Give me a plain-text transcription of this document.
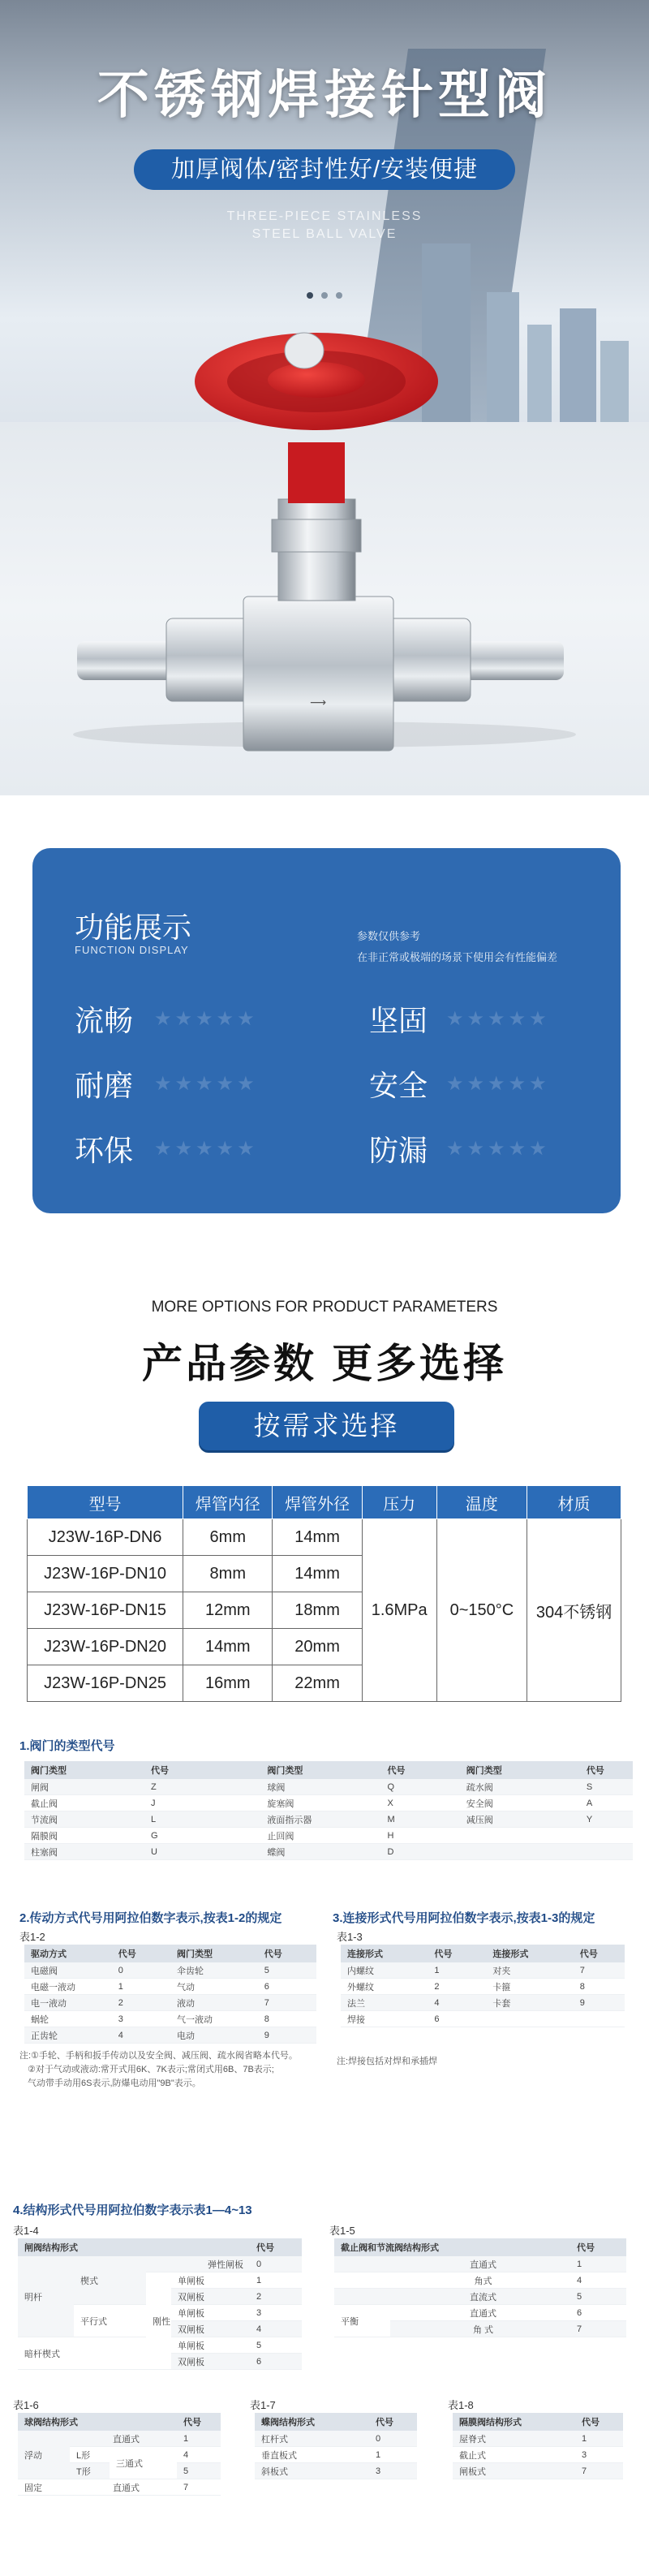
不锈钢焊接针型阀
加厚阀体/密封性好/安装便捷
THREE-PIECE STAINLESS
STEEL BALL VALVE
⟶
功能展示
FUNCTION DISPLAY
参数仅供参考
在非正常或极端的场景下使用会有性能偏差
流畅 ★★★★★	坚固 ★★★★★
耐磨 ★★★★★	安全 ★★★★★
环保 ★★★★★	防漏 ★★★★★
MORE OPTIONS FOR PRODUCT PARAMETERS
产品参数 更多选择
按需求选择
型号	焊管内径	焊管外径	压力	温度	材质
J23W-16P-DN6	6mm	14mm	1.6MPa	0~150°C	304不锈钢
J23W-16P-DN10	8mm	14mm			
J23W-16P-DN15	12mm	18mm			
J23W-16P-DN20	14mm	20mm			
J23W-16P-DN25	16mm	22mm			
1.阀门的类型代号
阀门类型	代号	阀门类型	代号	阀门类型	代号
闸阀	Z	球阀	Q	疏水阀	S
截止阀	J	旋塞阀	X	安全阀	A
节流阀	L	液面指示器	M	减压阀	Y
隔膜阀	G	止回阀	H		
柱塞阀	U	蝶阀	D		
2.传动方式代号用阿拉伯数字表示,按表1-2的规定
表1-2
驱动方式	代号	阀门类型	代号
电磁阀	0	伞齿轮	5
电磁一液动	1	气动	6
电一液动	2	液动	7
蜗轮	3	气一液动	8
正齿轮	4	电动	9
注:①手轮、手柄和扳手传动以及安全阀、减压阀、疏水阀省略本代号。
②对于气动或液动:常开式用6K、7K表示;常闭式用6B、7B表示;
气动带手动用6S表示,防爆电动用"9B"表示。
3.连接形式代号用阿拉伯数字表示,按表1-3的规定
表1-3
连接形式	代号	连接形式	代号
内螺纹	1	对夹	7
外螺纹	2	卡箍	8
法兰	4	卡套	9
焊接	6		
注:焊接包括对焊和承插焊
4.结构形式代号用阿拉伯数字表示表1—4~13
表1-4
闸阀结构形式				代号
明杆	楔式	弹性闸板		0
		刚性	单闸板	1
			双闸板	2
	平行式		单闸板	3
			双闸板	4
暗杆楔式			单闸板	5
			双闸板	6
表1-5
截止阀和节流阀结构形式		代号
	直通式	1
	角式	4
	直流式	5
平衡	直通式	6
	角 式	7
表1-6
球阀结构形式			代号
浮动	直通式		1
	L形	三通式	4
	T形		5
固定	直通式		7
表1-7
蝶阀结构形式	代号
杠杆式	0
垂直板式	1
斜板式	3
表1-8
隔膜阀结构形式	代号
屋脊式	1
截止式	3
闸板式	7
